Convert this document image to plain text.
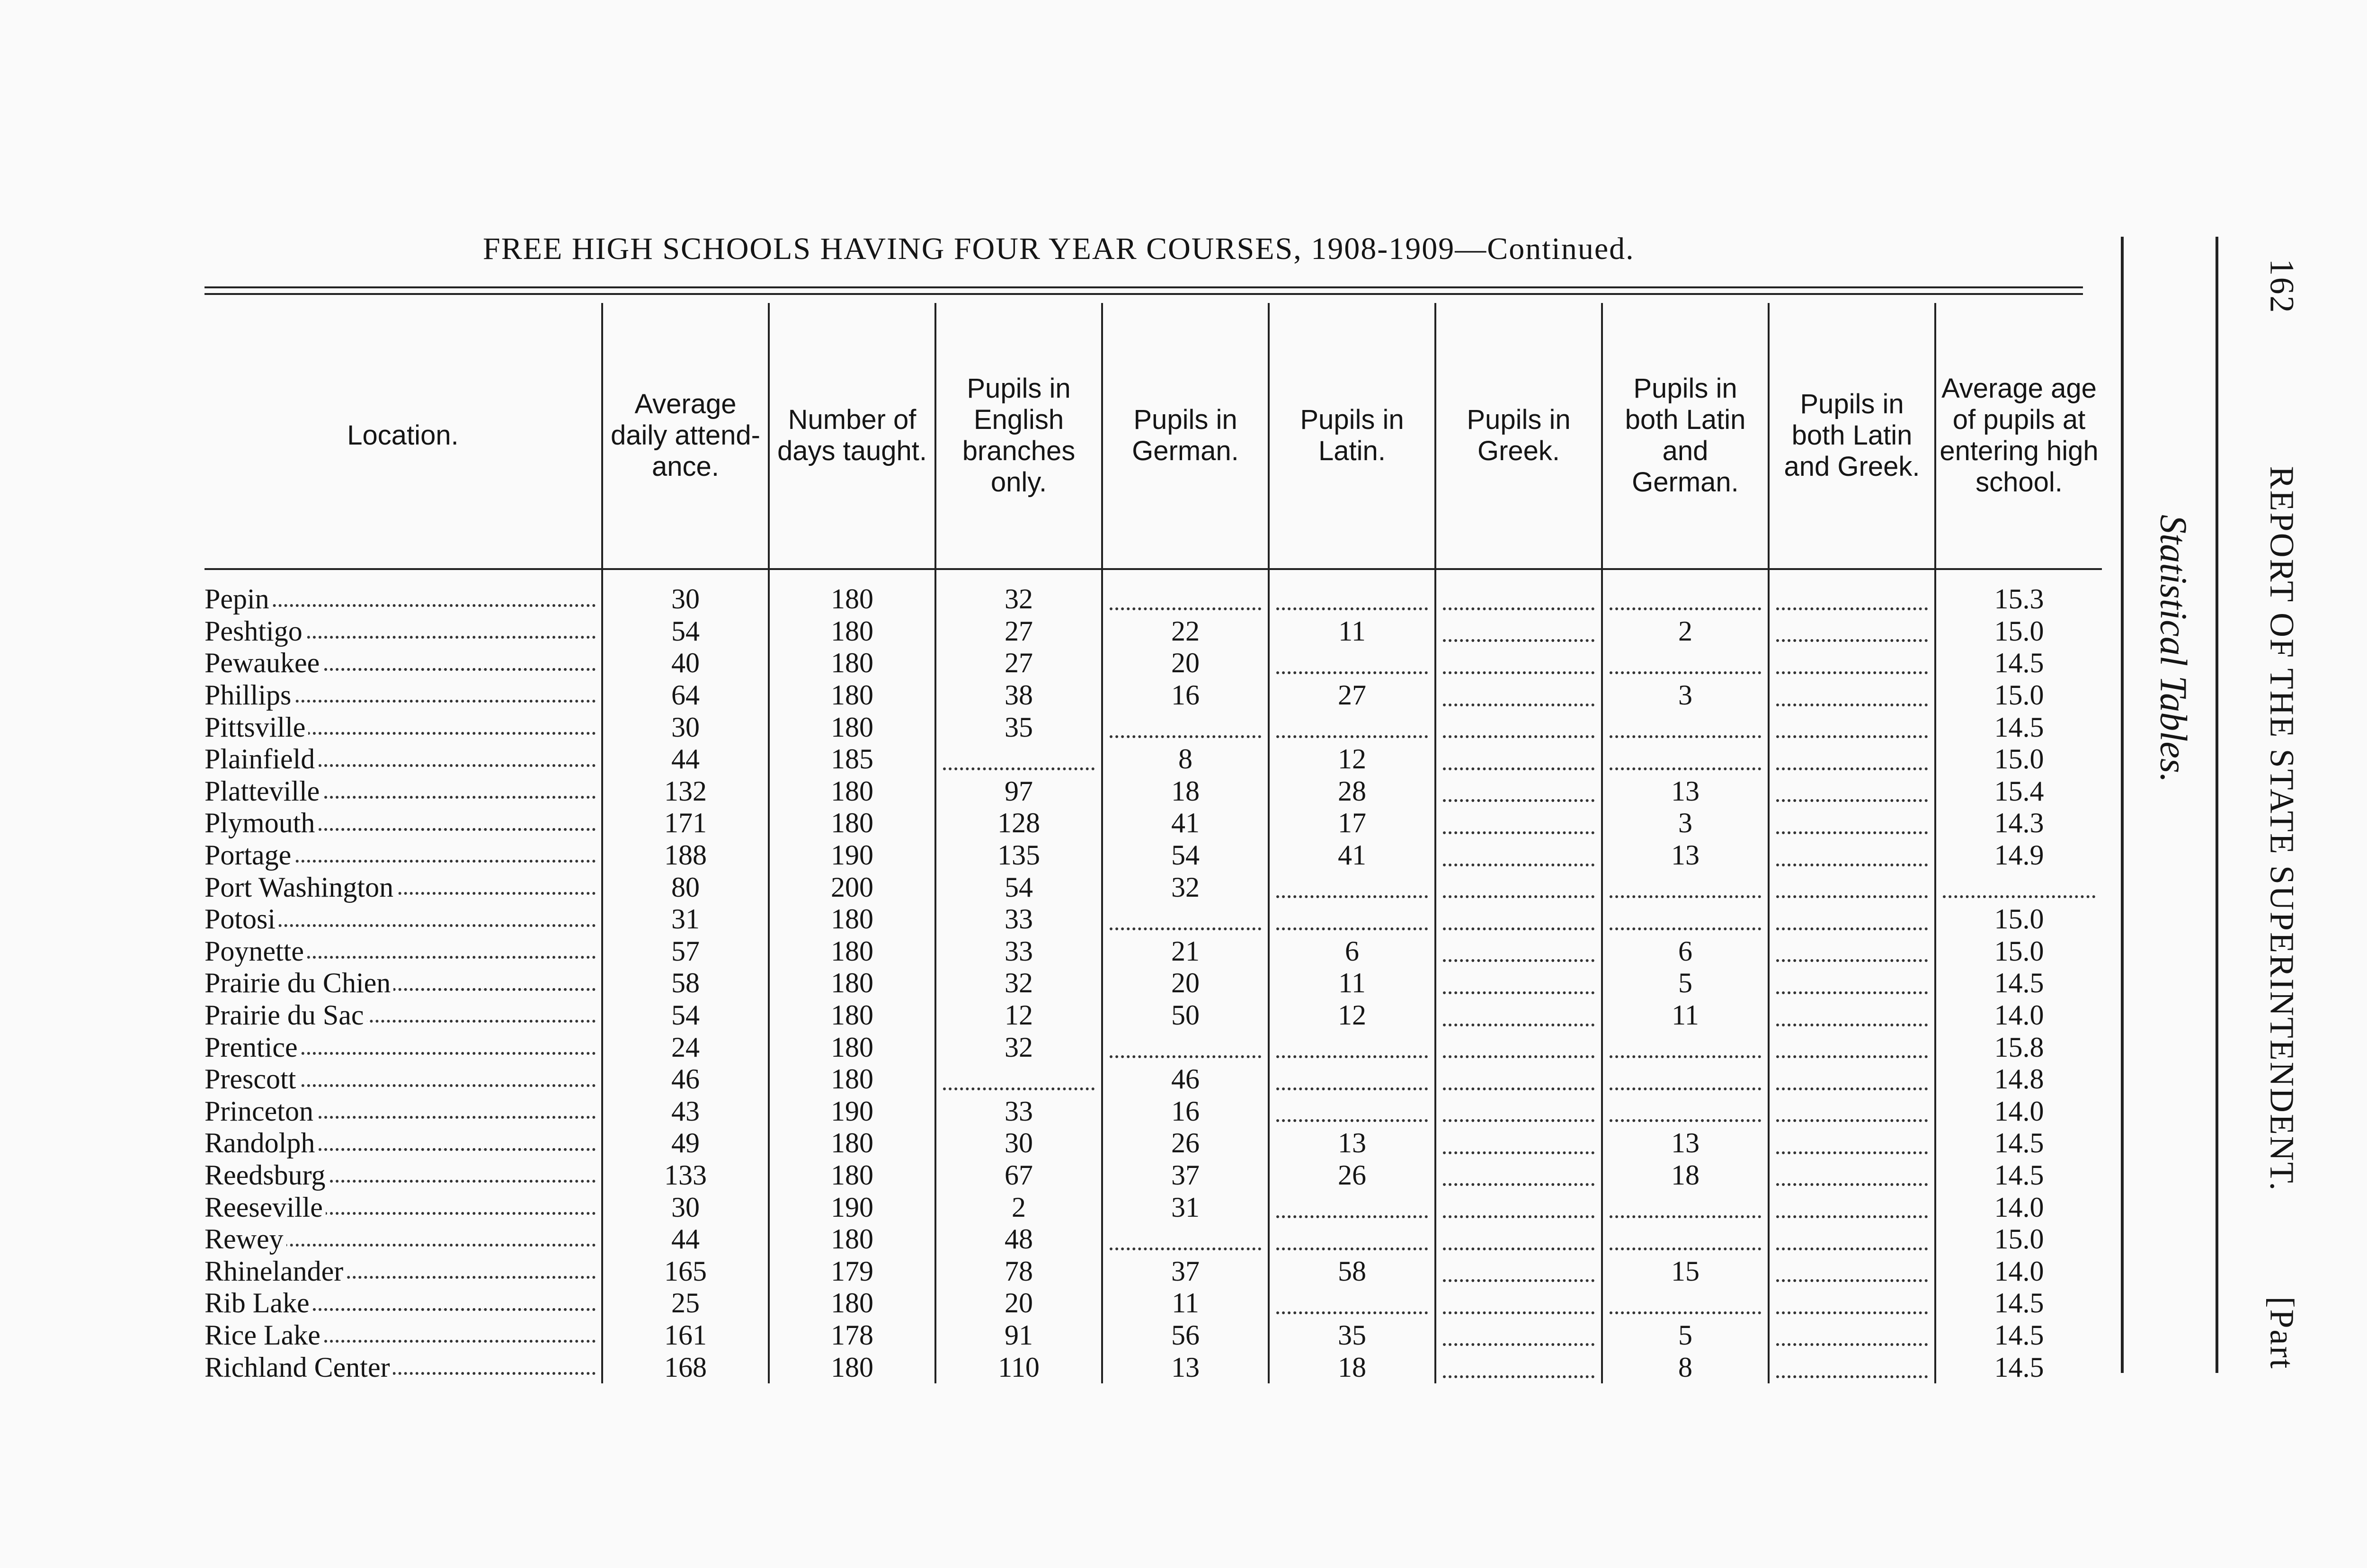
FREE HIGH SCHOOLS HAVING FOUR YEAR COURSES, 1908-1909—Continued.
Location.	Average daily attend-ance.	Number of days taught.	Pupils in English branches only.	Pupils in German.	Pupils in Latin.	Pupils in Greek.	Pupils in both Latin and German.	Pupils in both Latin and Greek.	Average age of pupils at entering high school.
Pepin	30	180	32						15.3
Peshtigo	54	180	27	22	11		2		15.0
Pewaukee	40	180	27	20					14.5
Phillips	64	180	38	16	27		3		15.0
Pittsville	30	180	35						14.5
Plainfield	44	185		8	12				15.0
Platteville	132	180	97	18	28		13		15.4
Plymouth	171	180	128	41	17		3		14.3
Portage	188	190	135	54	41		13		14.9
Port Washington	80	200	54	32	

Potosi	31	180	33						15.0
Poynette	57	180	33	21	6		6		15.0
Prairie du Chien	58	180	32	20	11		5		14.5
Prairie du Sac	54	180	12	50	12		11		14.0
Prentice	24	180	32						15.8
Prescott	46	180		46					14.8
Princeton	43	190	33	16					14.0
Randolph	49	180	30	26	13		13		14.5
Reedsburg	133	180	67	37	26		18		14.5
Reeseville	30	190	2	31					14.0
Rewey	44	180	48						15.0
Rhinelander	165	179	78	37	58		15		14.0
Rib Lake	25	180	20	11					14.5
Rice Lake	161	178	91	56	35		5		14.5
Richland Center	168	180	110	13	18		8		14.5
Statistical Tables.
162 REPORT OF THE STATE SUPERINTENDENT. [Part
